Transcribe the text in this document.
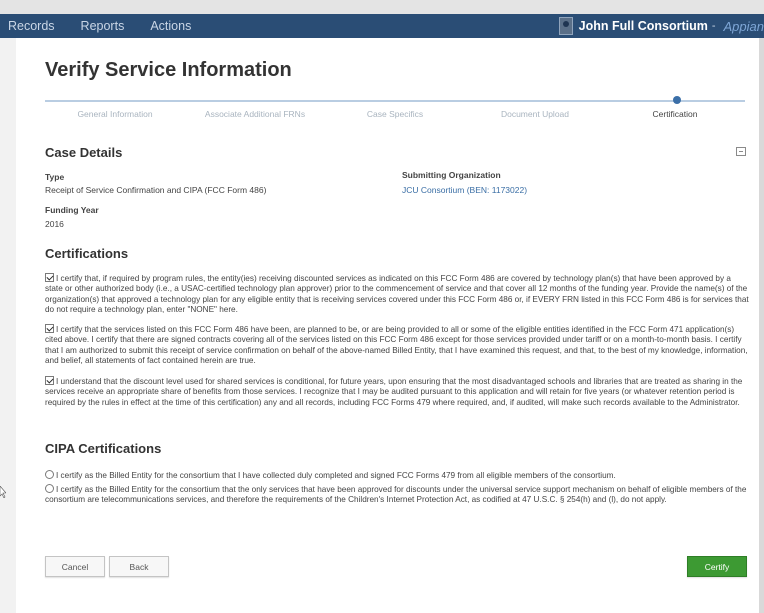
Records Reports Actions	John Full Consortium - Appian
Verify Service Information
General Information	Associate Additional FRNs	Case Specifics	Document Upload	Certification
Case Details
Type
Receipt of Service Confirmation and CIPA (FCC Form 486)
Funding Year
2016
Submitting Organization
JCU Consortium (BEN: 1173022)
Certifications
I certify that, if required by program rules, the entity(ies) receiving discounted services as indicated on this FCC Form 486 are covered by technology plan(s) that have been approved by a state or other authorized body (i.e., a USAC-certified technology plan approver) prior to the commencement of service and that cover all 12 months of the funding year. Provide the name(s) of the organization(s) that approved a technology plan for any eligible entity that is receiving services covered under this FCC Form 486 or, if EVERY FRN listed in this FCC Form 486 is for services that do not require a technology plan, enter "NONE" here.
I certify that the services listed on this FCC Form 486 have been, are planned to be, or are being provided to all or some of the eligible entities identified in the FCC Form 471 application(s) cited above. I certify that there are signed contracts covering all of the services listed on this FCC Form 486 except for those services provided under tariff or on a month-to-month basis. I certify that I am authorized to submit this receipt of service confirmation on behalf of the above-named Billed Entity, that I have examined this request, and that, to the best of my knowledge, information, and belief, all statements of fact contained herein are true.
I understand that the discount level used for shared services is conditional, for future years, upon ensuring that the most disadvantaged schools and libraries that are treated as sharing in the services receive an appropriate share of benefits from those services. I recognize that I may be audited pursuant to this application and will retain for five years (or whatever retention period is required by the rules in effect at the time of this certification) any and all records, including FCC Forms 479 where required, and, if audited, will make such records available to the Administrator.
CIPA Certifications
I certify as the Billed Entity for the consortium that I have collected duly completed and signed FCC Forms 479 from all eligible members of the consortium.
I certify as the Billed Entity for the consortium that the only services that have been approved for discounts under the universal service support mechanism on behalf of eligible members of the consortium are telecommunications services, and therefore the requirements of the Children's Internet Protection Act, as codified at 47 U.S.C. § 254(h) and (l), do not apply.
Cancel	Back	Certify
